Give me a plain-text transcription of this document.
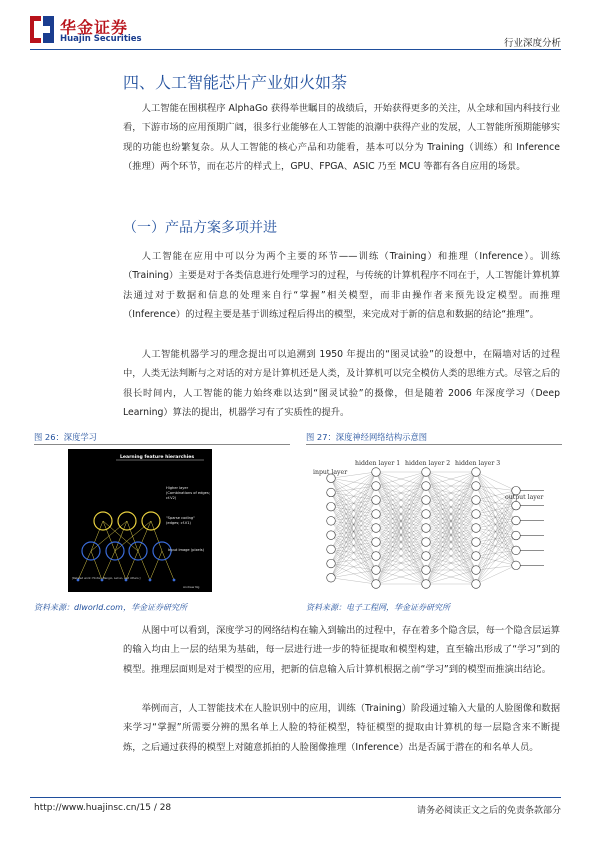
华金证券
Huajin Securities	行业深度分析
四、人工智能芯片产业如火如荼

人工智能在围棋程序 AlphaGo 获得举世瞩目的战绩后，开始获得更多的关注，从全球和国内科技行业看，下游市场的应用预期广阔，很多行业能够在人工智能的浪潮中获得产业的发展，人工智能所预期能够实现的功能也纷繁复杂。从人工智能的核心产品和功能看，基本可以分为 Training（训练）和 Inference（推理）两个环节，而在芯片的样式上，GPU、FPGA、ASIC 乃至 MCU 等都有各自应用的场景。

（一）产品方案多项并进

人工智能在应用中可以分为两个主要的环节——训练（Training）和推理（Inference）。训练（Training）主要是对于各类信息进行处理学习的过程，与传统的计算机程序不同在于，人工智能计算机算法通过对于数据和信息的处理来自行“掌握”相关模型，而非由操作者来预先设定模型。而推理（Inference）的过程主要是基于训练过程后得出的模型，来完成对于新的信息和数据的结论“推理”。

人工智能机器学习的理念提出可以追溯到 1950 年提出的“图灵试验”的设想中，在隔墙对话的过程中，人类无法判断与之对话的对方是计算机还是人类，及计算机可以完全模仿人类的思维方式。尽管之后的很长时间内，人工智能的能力始终难以达到“图灵试验”的摄像，但是随着 2006 年深度学习（Deep Learning）算法的提出，机器学习有了实质性的提升。

图 26：深度学习	图 27：深度神经网络结构示意图
Learning feature hierarchies
Higher layer
(Combinations of edges;
cf.V2)
"Sparse coding"
(edges; cf.V1)
Input image (pixels)
[Related work: Hinton, Bengio, LeCun, and others.]
Andrew Ng
input layer
hidden layer 1 hidden layer 2 hidden layer 3
output layer
资料来源：dlworld.com，华金证券研究所	资料来源：电子工程网，华金证券研究所

从图中可以看到，深度学习的网络结构在输入到输出的过程中，存在着多个隐含层，每一个隐含层运算的输入均由上一层的结果为基础，每一层进行进一步的特征提取和模型构建，直至输出形成了“学习”到的模型。推理层面则是对于模型的应用，把新的信息输入后计算机根据之前“学习”到的模型而推演出结论。

举例而言，人工智能技术在人脸识别中的应用，训练（Training）阶段通过输入大量的人脸图像和数据来学习“掌握”所需要分辨的黑名单上人脸的特征模型，特征模型的提取由计算机的每一层隐含来不断提炼，之后通过获得的模型上对随意抓拍的人脸图像推理（Inference）出是否属于潜在的和名单人员。

http://www.huajinsc.cn/15 / 28	请务必阅读正文之后的免责条款部分
